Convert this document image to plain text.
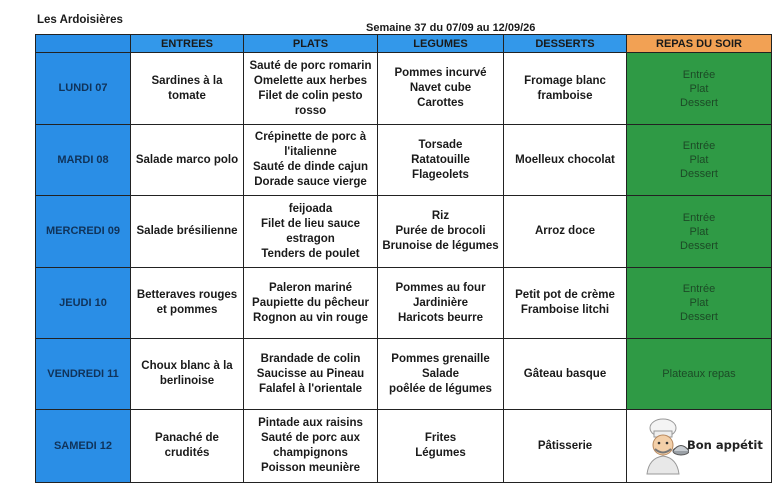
Les Ardoisières
Semaine 37 du 07/09 au 12/09/26
	ENTREES	PLATS	LEGUMES	DESSERTS	REPAS DU SOIR
LUNDI 07	Sardines à la
tomate	Sauté de porc romarin
Omelette aux herbes
Filet de colin pesto
rosso	Pommes incurvé
Navet cube
Carottes	Fromage blanc
framboise	Entrée
Plat
Dessert

MARDI 08	Salade marco polo	Crépinette de porc à
l'italienne
Sauté de dinde cajun
Dorade sauce vierge	Torsade
Ratatouille
Flageolets	Moelleux chocolat	Entrée
Plat
Dessert

MERCREDI 09	Salade brésilienne	feijoada
Filet de lieu sauce
estragon
Tenders de poulet	Riz
Purée de brocoli
Brunoise de légumes	Arroz doce	Entrée
Plat
Dessert

JEUDI 10	Betteraves rouges
et pommes	Paleron mariné
Paupiette du pêcheur
Rognon au vin rouge	Pommes au four
Jardinière
Haricots beurre	Petit pot de crème
Framboise litchi	Entrée
Plat
Dessert

VENDREDI 11	Choux blanc à la
berlinoise	Brandade de colin
Saucisse au Pineau
Falafel à l'orientale	Pommes grenaille
Salade
poêlée de légumes	Gâteau basque	Plateaux repas

SAMEDI 12	Panaché de
crudités	Pintade aux raisins
Sauté de porc aux
champignons
Poisson meunière	Frites
Légumes	Pâtisserie	Bon appétit
